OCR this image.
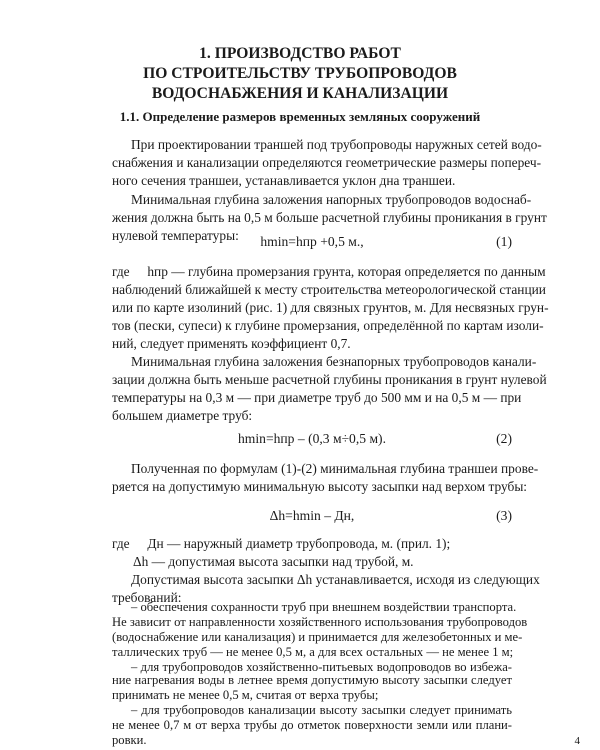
1. ПРОИЗВОДСТВО РАБОТ
ПО СТРОИТЕЛЬСТВУ ТРУБОПРОВОДОВ
ВОДОСНАБЖЕНИЯ И КАНАЛИЗАЦИИ
1.1. Определение размеров временных земляных сооружений
При проектировании траншей под трубопроводы наружных сетей водо-
снабжения и канализации определяются геометрические размеры попереч-
ного сечения траншеи, устанавливается уклон дна траншеи.
Минимальная глубина заложения напорных трубопроводов водоснаб-
жения должна быть на 0,5 м больше расчетной глубины проникания в грунт
нулевой температуры:	hmin=hпр +0,5 м.,	(1)
где hпр — глубина промерзания грунта, которая определяется по данным
наблюдений ближайшей к месту строительства метеорологической станции
или по карте изолиний (рис. 1) для связных грунтов, м. Для несвязных грун-
тов (пески, супеси) к глубине промерзания, определённой по картам изоли-
ний, следует применять коэффициент 0,7.
Минимальная глубина заложения безнапорных трубопроводов канали-
зации должна быть меньше расчетной глубины проникания в грунт нулевой
температуры на 0,3 м — при диаметре труб до 500 мм и на 0,5 м — при
большем диаметре труб:
hmin=hпр – (0,3 м÷0,5 м).	(2)
Полученная по формулам (1)-(2) минимальная глубина траншеи прове-
ряется на допустимую минимальную высоту засыпки над верхом трубы:
Δh=hmin – Дн,	(3)
где Дн — наружный диаметр трубопровода, м. (прил. 1);
Δh — допустимая высота засыпки над трубой, м.
Допустимая высота засыпки Δh устанавливается, исходя из следующих
требований:
– обеспечения сохранности труб при внешнем воздействии транспорта.
Не зависит от направленности хозяйственного использования трубопроводов
(водоснабжение или канализация) и принимается для железобетонных и ме-
таллических труб — не менее 0,5 м, а для всех остальных — не менее 1 м;
– для трубопроводов хозяйственно-питьевых водопроводов во избежа-
4
ние нагревания воды в летнее время допустимую высоту засыпки следует
принимать не менее 0,5 м, считая от верха трубы;
– для трубопроводов канализации высоту засыпки следует принимать
не менее 0,7 м от верха трубы до отметок поверхности земли или плани-
ровки.
